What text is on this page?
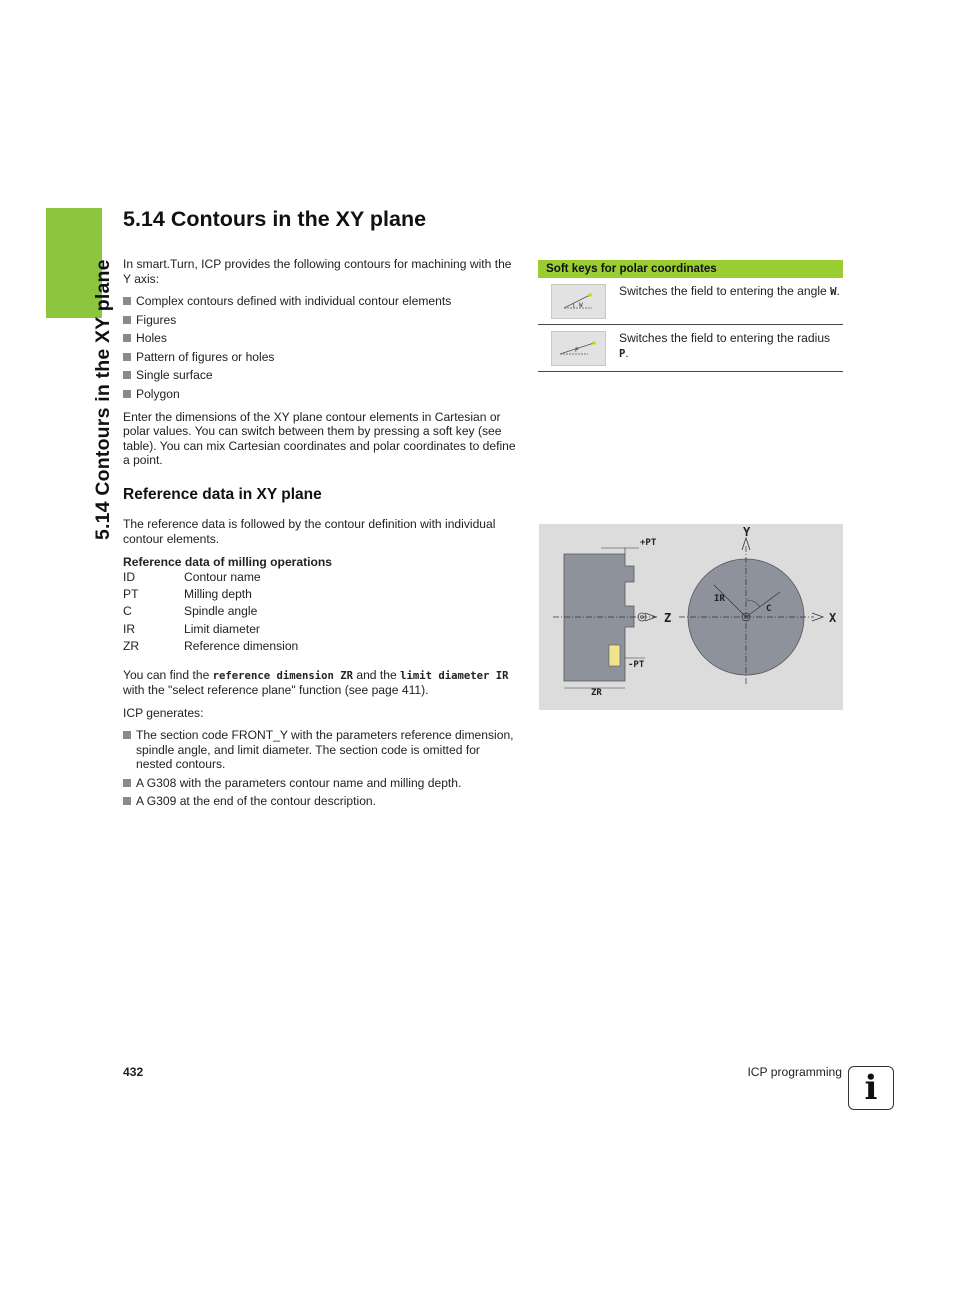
5.14 Contours in the XY plane
5.14 Contours in the XY plane

In smart.Turn, ICP provides the following contours for machining with the Y axis:

Complex contours defined with individual contour elements
Figures
Holes
Pattern of figures or holes
Single surface
Polygon

Enter the dimensions of the XY plane contour elements in Cartesian or polar values. You can switch between them by pressing a soft key (see table). You can mix Cartesian coordinates and polar coordinates to define a point.

Reference data in XY plane

The reference data is followed by the contour definition with individual contour elements.

Reference data of milling operations

ID	Contour name
PT	Milling depth
C	Spindle angle
IR	Limit diameter
ZR	Reference dimension

You can find the reference dimension ZR and the limit diameter IR with the "select reference plane" function (see page 411).

ICP generates:

The section code FRONT_Y with the parameters reference dimension, spindle angle, and limit diameter. The section code is omitted for nested contours.
A G308 with the parameters contour name and milling depth.
A G309 at the end of the contour description.
Soft keys for polar coordinates
W
Switches the field to entering the angle W.
P
Switches the field to entering the radius P.
+PT
-PT
ZR
Z
IR
C
Y
X
432	ICP programming i
